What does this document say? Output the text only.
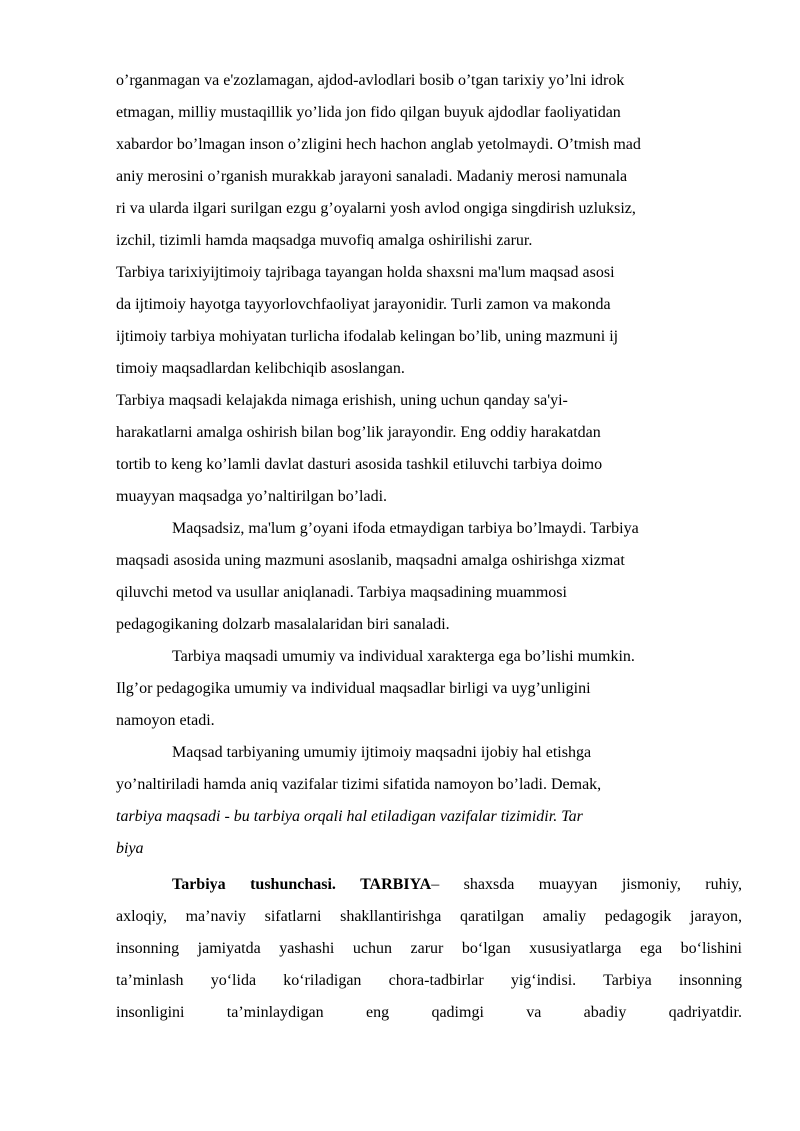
o’rganmagan va e'zozlamagan, ajdod-avlodlari bosib o’tgan tarixiy yo’lni idrok
etmagan, milliy mustaqillik yo’lida jon fido qilgan buyuk ajdodlar faoliyatidan
xabardor bo’lmagan inson o’zligini hech hachon anglab yetolmaydi. O’tmish mad
aniy merosini o’rganish murakkab jarayoni sanaladi. Madaniy merosi namunala
ri va ularda ilgari surilgan ezgu g’oyalarni yosh avlod ongiga singdirish uzluksiz,
izchil, tizimli hamda maqsadga muvofiq amalga oshirilishi zarur.
Tarbiya tarixiyijtimoiy tajribaga tayangan holda shaxsni ma'lum maqsad asosi
da ijtimoiy hayotga tayyorlovchfaoliyat jarayonidir. Turli zamon va makonda
ijtimoiy tarbiya mohiyatan turlicha ifodalab kelingan bo’lib, uning mazmuni ij
timoiy maqsadlardan kelibchiqib asoslangan.
Tarbiya maqsadi kelajakda nimaga erishish, uning uchun qanday sa'yi-
harakatlarni amalga oshirish bilan bog’lik jarayondir. Eng oddiy harakatdan
tortib to keng ko’lamli davlat dasturi asosida tashkil etiluvchi tarbiya doimo
muayyan maqsadga yo’naltirilgan bo’ladi.
Maqsadsiz, ma'lum g’oyani ifoda etmaydigan tarbiya bo’lmaydi. Tarbiya
maqsadi asosida uning mazmuni asoslanib, maqsadni amalga oshirishga xizmat
qiluvchi metod va usullar aniqlanadi. Tarbiya maqsadining muammosi
pedagogikaning dolzarb masalalaridan biri sanaladi.
Tarbiya maqsadi umumiy va individual xarakterga ega bo’lishi mumkin.
Ilg’or pedagogika umumiy va individual maqsadlar birligi va uyg’unligini
namoyon etadi.
Maqsad tarbiyaning umumiy ijtimoiy maqsadni ijobiy hal etishga
yo’naltiriladi hamda aniq vazifalar tizimi sifatida namoyon bo’ladi. Demak,
tarbiya maqsadi - bu tarbiya orqali hal etiladigan vazifalar tizimidir. Tar
biya
Tarbiya tushunchasi. TARBIYA– shaxsda muayyan jismoniy, ruhiy,
axloqiy, ma’naviy sifatlarni shakllantirishga qaratilgan amaliy pedagogik jarayon,
insonning jamiyatda yashashi uchun zarur bo‘lgan xususiyatlarga ega bo‘lishini
ta’minlash yo‘lida ko‘riladigan chora-tadbirlar yig‘indisi. Tarbiya insonning
insonligini ta’minlaydigan eng qadimgi va abadiy qadriyatdir.
